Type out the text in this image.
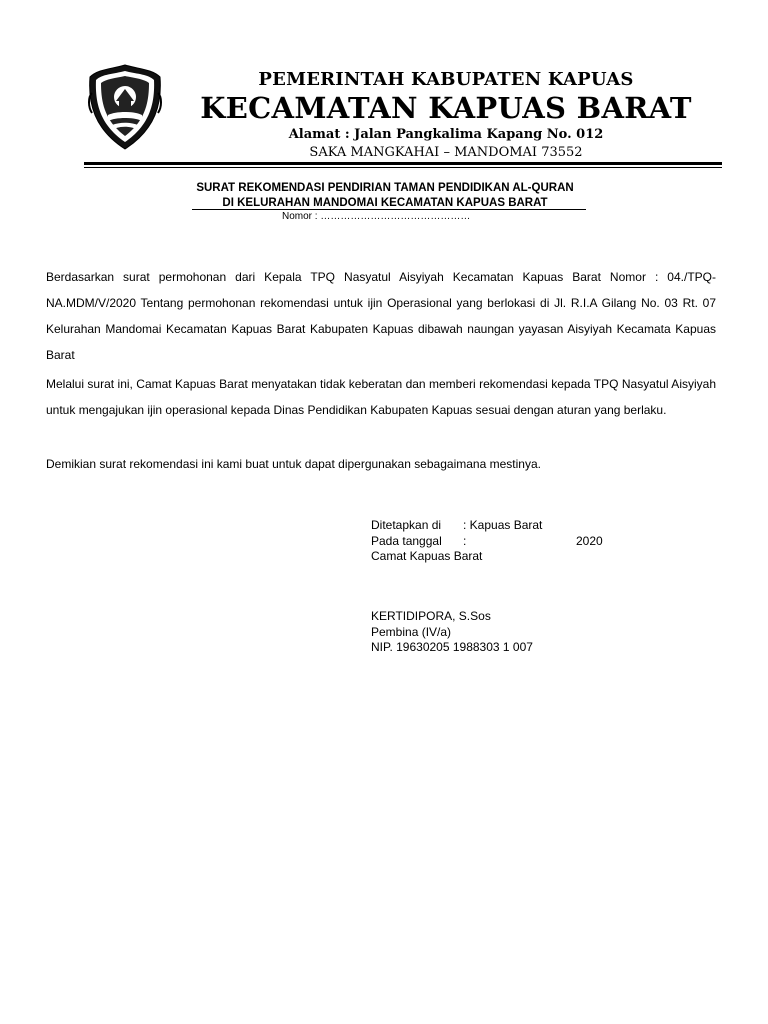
PEMERINTAH KABUPATEN KAPUAS
KECAMATAN KAPUAS BARAT
Alamat : Jalan Pangkalima Kapang No. 012
SAKA MANGKAHAI – MANDOMAI 73552
SURAT REKOMENDASI PENDIRIAN TAMAN PENDIDIKAN AL-QURAN
DI KELURAHAN MANDOMAI KECAMATAN KAPUAS BARAT
Nomor : ………………………………………

Berdasarkan surat permohonan dari Kepala TPQ Nasyatul Aisyiyah Kecamatan Kapuas Barat Nomor : 04./TPQ-NA.MDM/V/2020 Tentang permohonan rekomendasi untuk ijin Operasional yang berlokasi di Jl. R.I.A Gilang No. 03 Rt. 07 Kelurahan Mandomai Kecamatan Kapuas Barat Kabupaten Kapuas dibawah naungan yayasan Aisyiyah Kecamata Kapuas Barat

Melalui surat ini, Camat Kapuas Barat menyatakan tidak keberatan dan memberi rekomendasi kepada TPQ Nasyatul Aisyiyah untuk mengajukan ijin operasional kepada Dinas Pendidikan Kabupaten Kapuas sesuai dengan aturan yang berlaku.

Demikian surat rekomendasi ini kami buat untuk dapat dipergunakan sebagaimana mestinya.

Ditetapkan di : Kapuas Barat
Pada tanggal :	2020
Camat Kapuas Barat
KERTIDIPORA, S.Sos
Pembina (IV/a)
NIP. 19630205 1988303 1 007
